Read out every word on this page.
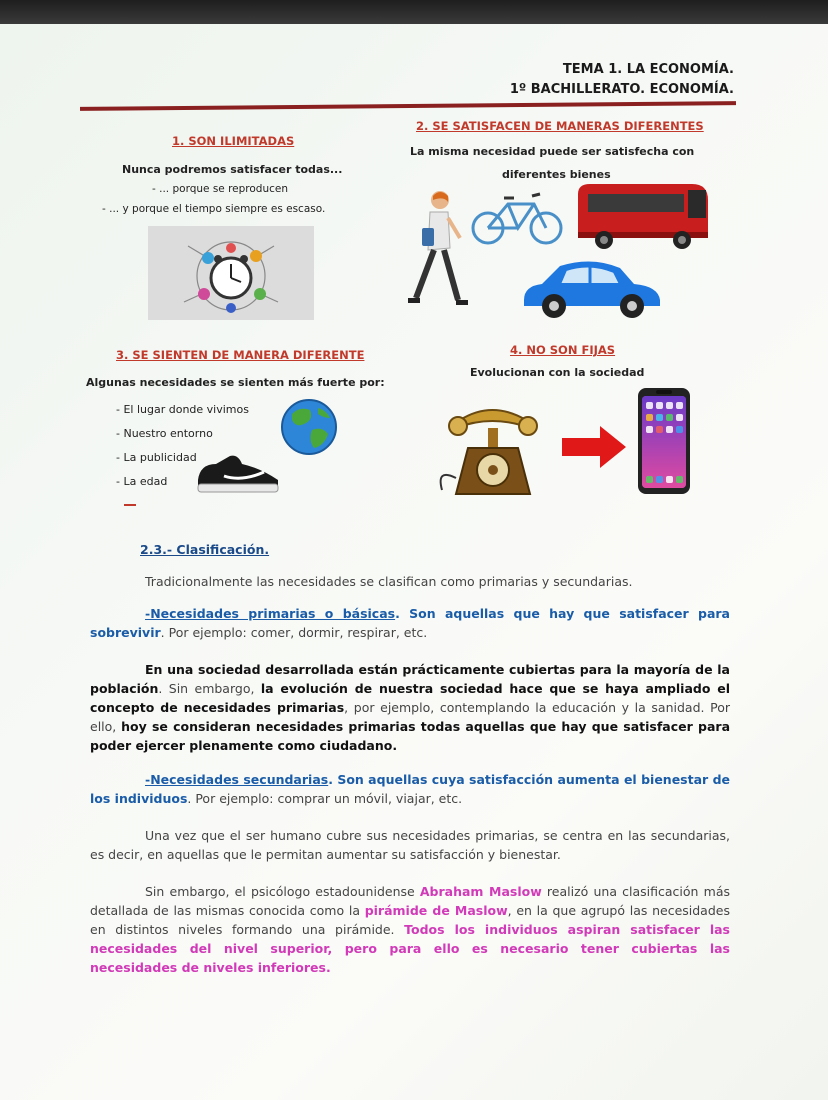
TEMA 1. LA ECONOMÍA.
1º BACHILLERATO. ECONOMÍA.
1. SON ILIMITADAS
Nunca podremos satisfacer todas...
- ... porque se reproducen
- ... y porque el tiempo siempre es escaso.
2. SE SATISFACEN DE MANERAS DIFERENTES
La misma necesidad puede ser satisfecha con
diferentes bienes
3. SE SIENTEN DE MANERA DIFERENTE
Algunas necesidades se sienten más fuerte por:
- El lugar donde vivimos
- Nuestro entorno
- La publicidad
- La edad
4. NO SON FIJAS
Evolucionan con la sociedad
2.3.- Clasificación.
Tradicionalmente las necesidades se clasifican como primarias y secundarias.
-Necesidades primarias o básicas. Son aquellas que hay que satisfacer para sobrevivir. Por ejemplo: comer, dormir, respirar, etc.
En una sociedad desarrollada están prácticamente cubiertas para la mayoría de la población. Sin embargo, la evolución de nuestra sociedad hace que se haya ampliado el concepto de necesidades primarias, por ejemplo, contemplando la educación y la sanidad. Por ello, hoy se consideran necesidades primarias todas aquellas que hay que satisfacer para poder ejercer plenamente como ciudadano.
-Necesidades secundarias. Son aquellas cuya satisfacción aumenta el bienestar de los individuos. Por ejemplo: comprar un móvil, viajar, etc.
Una vez que el ser humano cubre sus necesidades primarias, se centra en las secundarias, es decir, en aquellas que le permitan aumentar su satisfacción y bienestar.
Sin embargo, el psicólogo estadounidense Abraham Maslow realizó una clasificación más detallada de las mismas conocida como la pirámide de Maslow, en la que agrupó las necesidades en distintos niveles formando una pirámide. Todos los individuos aspiran satisfacer las necesidades del nivel superior, pero para ello es necesario tener cubiertas las necesidades de niveles inferiores.
